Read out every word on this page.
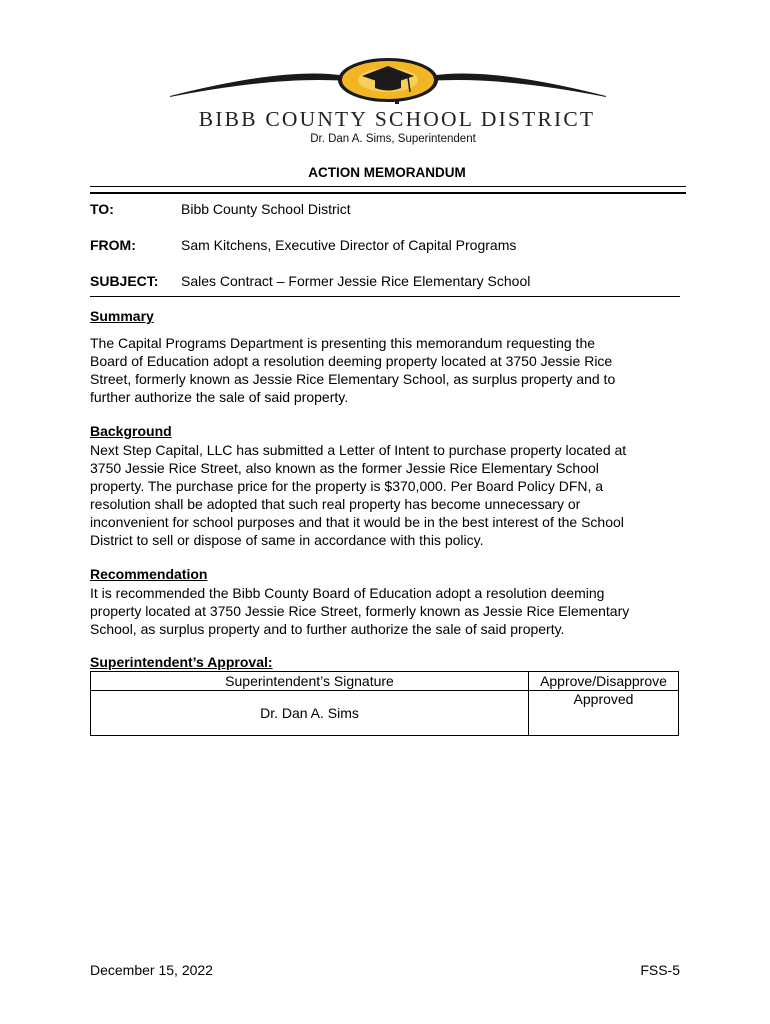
BIBB COUNTY SCHOOL DISTRICT
Dr. Dan A. Sims, Superintendent
ACTION MEMORANDUM
TO:	Bibb County School District
FROM:	Sam Kitchens, Executive Director of Capital Programs
SUBJECT: Sales Contract – Former Jessie Rice Elementary School
Summary
The Capital Programs Department is presenting this memorandum requesting the
Board of Education adopt a resolution deeming property located at 3750 Jessie Rice
Street, formerly known as Jessie Rice Elementary School, as surplus property and to
further authorize the sale of said property.
Background
Next Step Capital, LLC has submitted a Letter of Intent to purchase property located at
3750 Jessie Rice Street, also known as the former Jessie Rice Elementary School
property. The purchase price for the property is $370,000. Per Board Policy DFN, a
resolution shall be adopted that such real property has become unnecessary or
inconvenient for school purposes and that it would be in the best interest of the School
District to sell or dispose of same in accordance with this policy.
Recommendation
It is recommended the Bibb County Board of Education adopt a resolution deeming
property located at 3750 Jessie Rice Street, formerly known as Jessie Rice Elementary
School, as surplus property and to further authorize the sale of said property.
Superintendent’s Approval:
Superintendent’s Signature	Approve/Disapprove
Dr. Dan A. Sims	Approved
December 15, 2022	FSS-5
